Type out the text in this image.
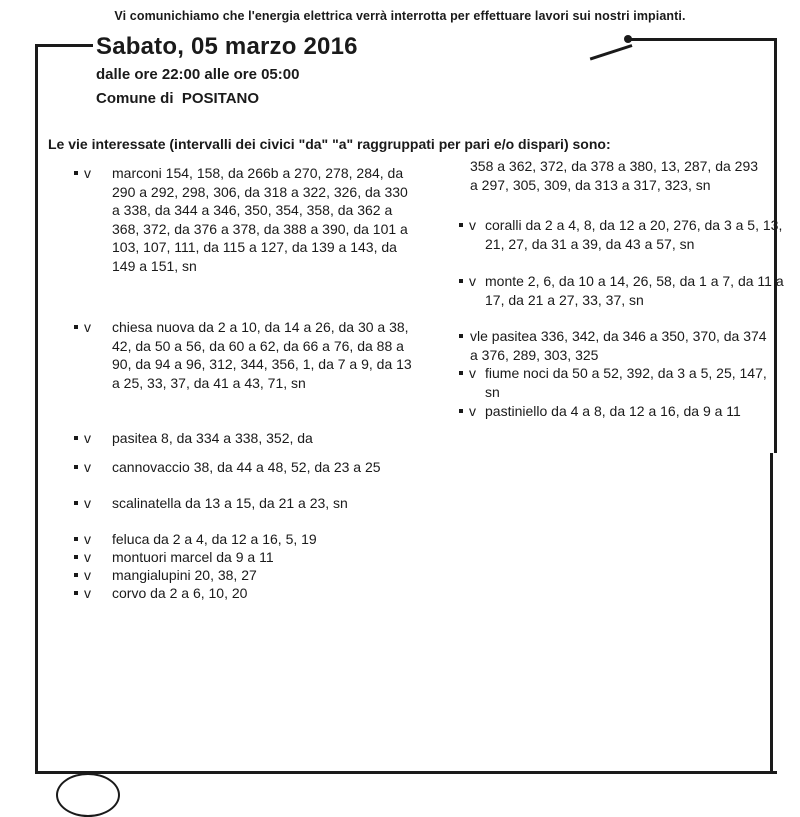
Vi comunichiamo che l'energia elettrica verrà interrotta per effettuare lavori sui nostri impianti.
Sabato, 05 marzo 2016
dalle ore 22:00 alle ore 05:00
Comune di  POSITANO
Le vie interessate (intervalli dei civici "da" "a" raggruppati per pari e/o dispari) sono:
v	marconi 154, 158, da 266b a 270, 278, 284, da 290 a 292, 298, 306, da 318 a 322, 326, da 330 a 338, da 344 a 346, 350, 354, 358, da 362 a 368, 372, da 376 a 378, da 388 a 390, da 101 a 103, 107, 111, da 115 a 127, da 139 a 143, da 149 a 151, sn
v	chiesa nuova da 2 a 10, da 14 a 26, da 30 a 38, 42, da 50 a 56, da 60 a 62, da 66 a 76, da 88 a 90, da 94 a 96, 312, 344, 356, 1, da 7 a 9, da 13 a 25, 33, 37, da 41 a 43, 71, sn
v	pasitea 8, da 334 a 338, 352, da
v	cannovaccio 38, da 44 a 48, 52, da 23 a 25
v	scalinatella da 13 a 15, da 21 a 23, sn
v	feluca da 2 a 4, da 12 a 16, 5, 19
v	montuori marcel da 9 a 11
v	mangialupini 20, 38, 27
v	corvo da 2 a 6, 10, 20
358 a 362, 372, da 378 a 380, 13, 287, da 293 a 297, 305, 309, da 313 a 317, 323, sn
v coralli da 2 a 4, 8, da 12 a 20, 276, da 3 a 5, 13, 21, 27, da 31 a 39, da 43 a 57, sn
v monte 2, 6, da 10 a 14, 26, 58, da 1 a 7, da 11 a 17, da 21 a 27, 33, 37, sn
vle pasitea 336, 342, da 346 a 350, 370, da 374 a 376, 289, 303, 325
v fiume noci da 50 a 52, 392, da 3 a 5, 25, 147, sn
v pastiniello da 4 a 8, da 12 a 16, da 9 a 11
